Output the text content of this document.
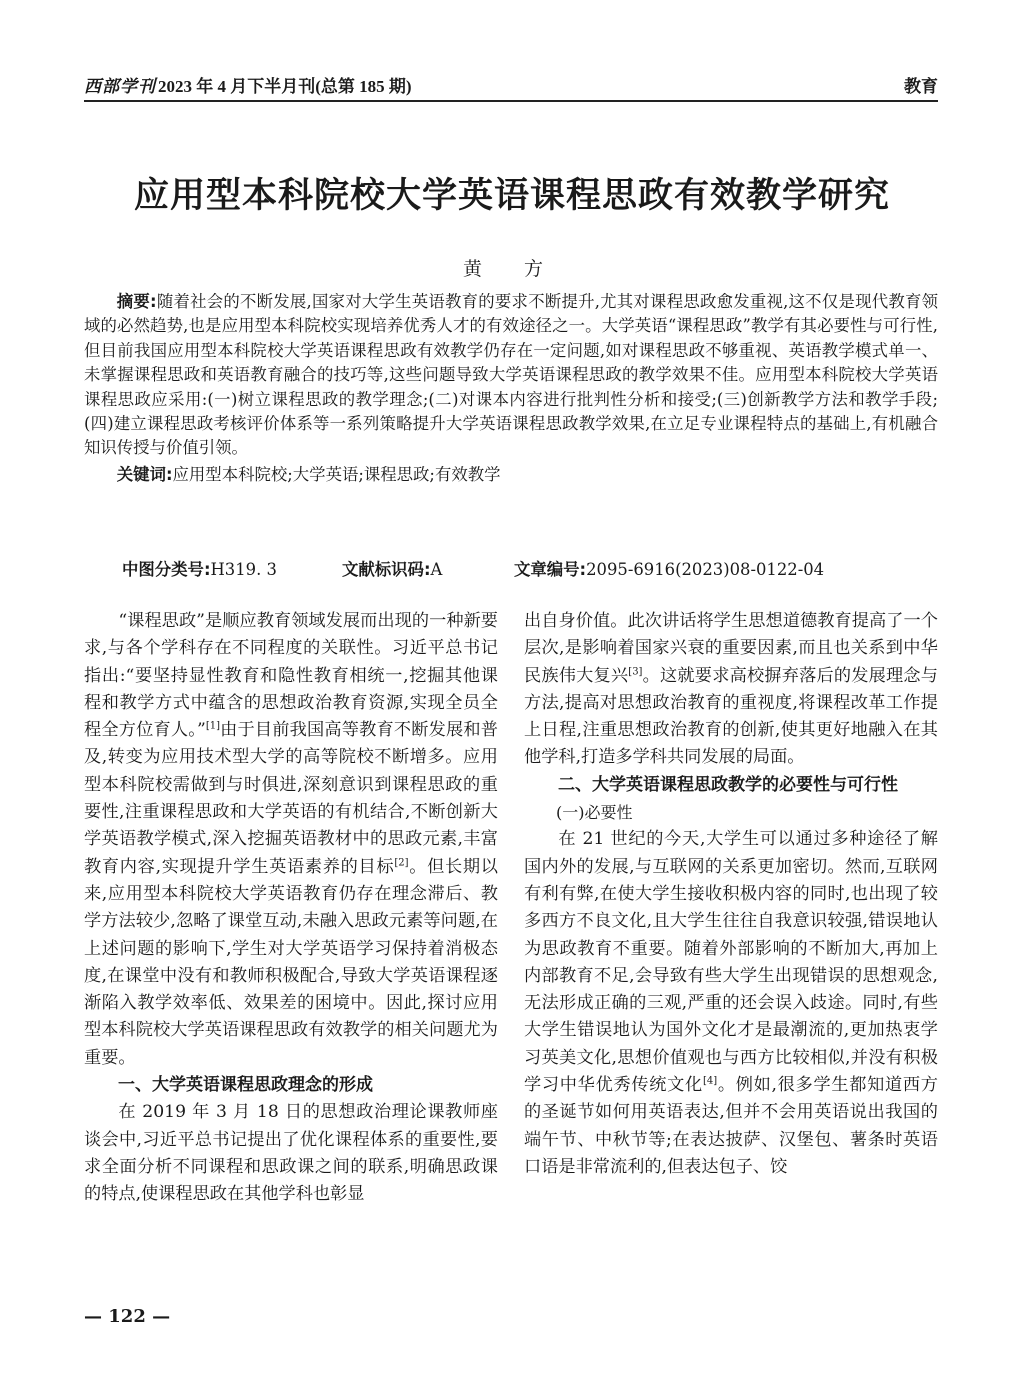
西部学刊 2023 年 4 月下半月刊(总第 185 期)	教育
应用型本科院校大学英语课程思政有效教学研究
黄 方

摘要:随着社会的不断发展,国家对大学生英语教育的要求不断提升,尤其对课程思政愈发重视,这不仅是现代教育领域的必然趋势,也是应用型本科院校实现培养优秀人才的有效途径之一。大学英语“课程思政”教学有其必要性与可行性,但目前我国应用型本科院校大学英语课程思政有效教学仍存在一定问题,如对课程思政不够重视、英语教学模式单一、未掌握课程思政和英语教育融合的技巧等,这些问题导致大学英语课程思政的教学效果不佳。应用型本科院校大学英语课程思政应采用:(一)树立课程思政的教学理念;(二)对课本内容进行批判性分析和接受;(三)创新教学方法和教学手段;(四)建立课程思政考核评价体系等一系列策略提升大学英语课程思政教学效果,在立足专业课程特点的基础上,有机融合知识传授与价值引领。

关键词:应用型本科院校;大学英语;课程思政;有效教学
中图分类号:H319. 3	文献标识码:A	文章编号:2095-6916(2023)08-0122-04

“课程思政”是顺应教育领域发展而出现的一种新要求,与各个学科存在不同程度的关联性。习近平总书记指出:“要坚持显性教育和隐性教育相统一,挖掘其他课程和教学方式中蕴含的思想政治教育资源,实现全员全程全方位育人。”[1]由于目前我国高等教育不断发展和普及,转变为应用技术型大学的高等院校不断增多。应用型本科院校需做到与时俱进,深刻意识到课程思政的重要性,注重课程思政和大学英语的有机结合,不断创新大学英语教学模式,深入挖掘英语教材中的思政元素,丰富教育内容,实现提升学生英语素养的目标[2]。但长期以来,应用型本科院校大学英语教育仍存在理念滞后、教学方法较少,忽略了课堂互动,未融入思政元素等问题,在上述问题的影响下,学生对大学英语学习保持着消极态度,在课堂中没有和教师积极配合,导致大学英语课程逐渐陷入教学效率低、效果差的困境中。因此,探讨应用型本科院校大学英语课程思政有效教学的相关问题尤为重要。

一、大学英语课程思政理念的形成

在 2019 年 3 月 18 日的思想政治理论课教师座谈会中,习近平总书记提出了优化课程体系的重要性,要求全面分析不同课程和思政课之间的联系,明确思政课的特点,使课程思政在其他学科也彰显

出自身价值。此次讲话将学生思想道德教育提高了一个层次,是影响着国家兴衰的重要因素,而且也关系到中华民族伟大复兴[3]。这就要求高校摒弃落后的发展理念与方法,提高对思想政治教育的重视度,将课程改革工作提上日程,注重思想政治教育的创新,使其更好地融入在其他学科,打造多学科共同发展的局面。

二、大学英语课程思政教学的必要性与可行性
(一)必要性

在 21 世纪的今天,大学生可以通过多种途径了解国内外的发展,与互联网的关系更加密切。然而,互联网有利有弊,在使大学生接收积极内容的同时,也出现了较多西方不良文化,且大学生往往自我意识较强,错误地认为思政教育不重要。随着外部影响的不断加大,再加上内部教育不足,会导致有些大学生出现错误的思想观念,无法形成正确的三观,严重的还会误入歧途。同时,有些大学生错误地认为国外文化才是最潮流的,更加热衷学习英美文化,思想价值观也与西方比较相似,并没有积极学习中华优秀传统文化[4]。例如,很多学生都知道西方的圣诞节如何用英语表达,但并不会用英语说出我国的端午节、中秋节等;在表达披萨、汉堡包、薯条时英语口语是非常流利的,但表达包子、饺

— 122 —
